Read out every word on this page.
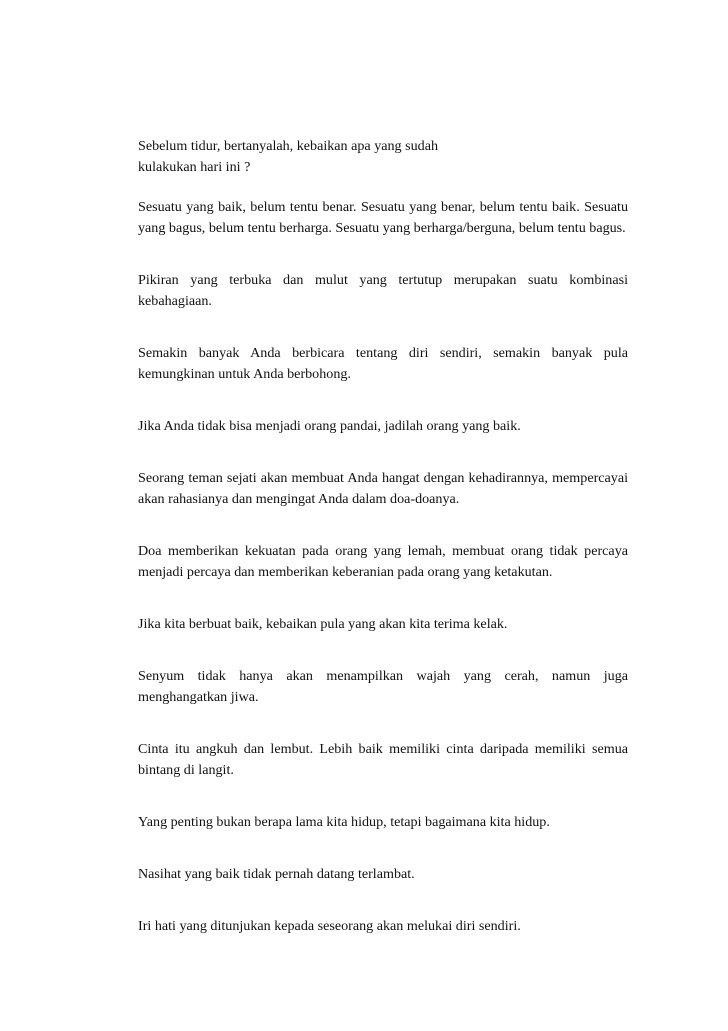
Sebelum tidur, bertanyalah, kebaikan apa yang sudah
kulakukan hari ini ?

Sesuatu yang baik, belum tentu benar. Sesuatu yang benar, belum tentu baik. Sesuatu yang bagus, belum tentu berharga. Sesuatu yang berharga/berguna, belum tentu bagus.

Pikiran yang terbuka dan mulut yang tertutup merupakan suatu kombinasi kebahagiaan.

Semakin banyak Anda berbicara tentang diri sendiri, semakin banyak pula kemungkinan untuk Anda berbohong.

Jika Anda tidak bisa menjadi orang pandai, jadilah orang yang baik.

Seorang teman sejati akan membuat Anda hangat dengan kehadirannya, mempercayai akan rahasianya dan mengingat Anda dalam doa-doanya.

Doa memberikan kekuatan pada orang yang lemah, membuat orang tidak percaya menjadi percaya dan memberikan keberanian pada orang yang ketakutan.

Jika kita berbuat baik, kebaikan pula yang akan kita terima kelak.

Senyum tidak hanya akan menampilkan wajah yang cerah, namun juga menghangatkan jiwa.

Cinta itu angkuh dan lembut. Lebih baik memiliki cinta daripada memiliki semua bintang di langit.

Yang penting bukan berapa lama kita hidup, tetapi bagaimana kita hidup.

Nasihat yang baik tidak pernah datang terlambat.

Iri hati yang ditunjukan kepada seseorang akan melukai diri sendiri.
